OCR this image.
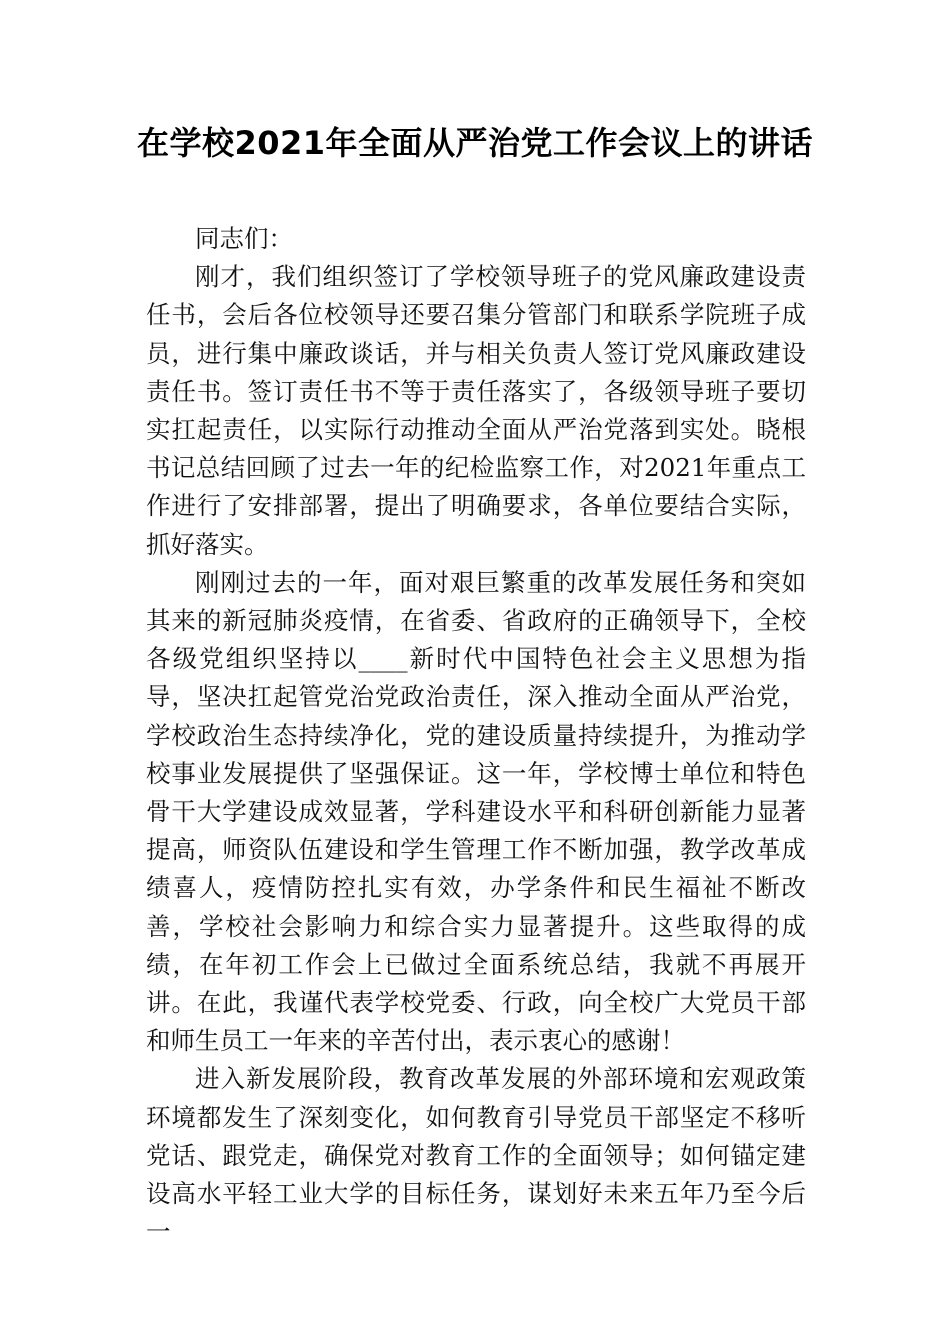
在学校2021年全面从严治党工作会议上的讲话

同志们：

刚才，我们组织签订了学校领导班子的党风廉政建设责任书，会后各位校领导还要召集分管部门和联系学院班子成员，进行集中廉政谈话，并与相关负责人签订党风廉政建设责任书。签订责任书不等于责任落实了，各级领导班子要切实扛起责任，以实际行动推动全面从严治党落到实处。晓根书记总结回顾了过去一年的纪检监察工作，对2021年重点工作进行了安排部署，提出了明确要求，各单位要结合实际，抓好落实。

刚刚过去的一年，面对艰巨繁重的改革发展任务和突如其来的新冠肺炎疫情，在省委、省政府的正确领导下，全校各级党组织坚持以____新时代中国特色社会主义思想为指导，坚决扛起管党治党政治责任，深入推动全面从严治党，学校政治生态持续净化，党的建设质量持续提升，为推动学校事业发展提供了坚强保证。这一年，学校博士单位和特色骨干大学建设成效显著，学科建设水平和科研创新能力显著提高，师资队伍建设和学生管理工作不断加强，教学改革成绩喜人，疫情防控扎实有效，办学条件和民生福祉不断改善，学校社会影响力和综合实力显著提升。这些取得的成绩，在年初工作会上已做过全面系统总结，我就不再展开讲。在此，我谨代表学校党委、行政，向全校广大党员干部和师生员工一年来的辛苦付出，表示衷心的感谢！

进入新发展阶段，教育改革发展的外部环境和宏观政策环境都发生了深刻变化，如何教育引导党员干部坚定不移听党话、跟党走，确保党对教育工作的全面领导；如何锚定建设高水平轻工业大学的目标任务，谋划好未来五年乃至今后一
